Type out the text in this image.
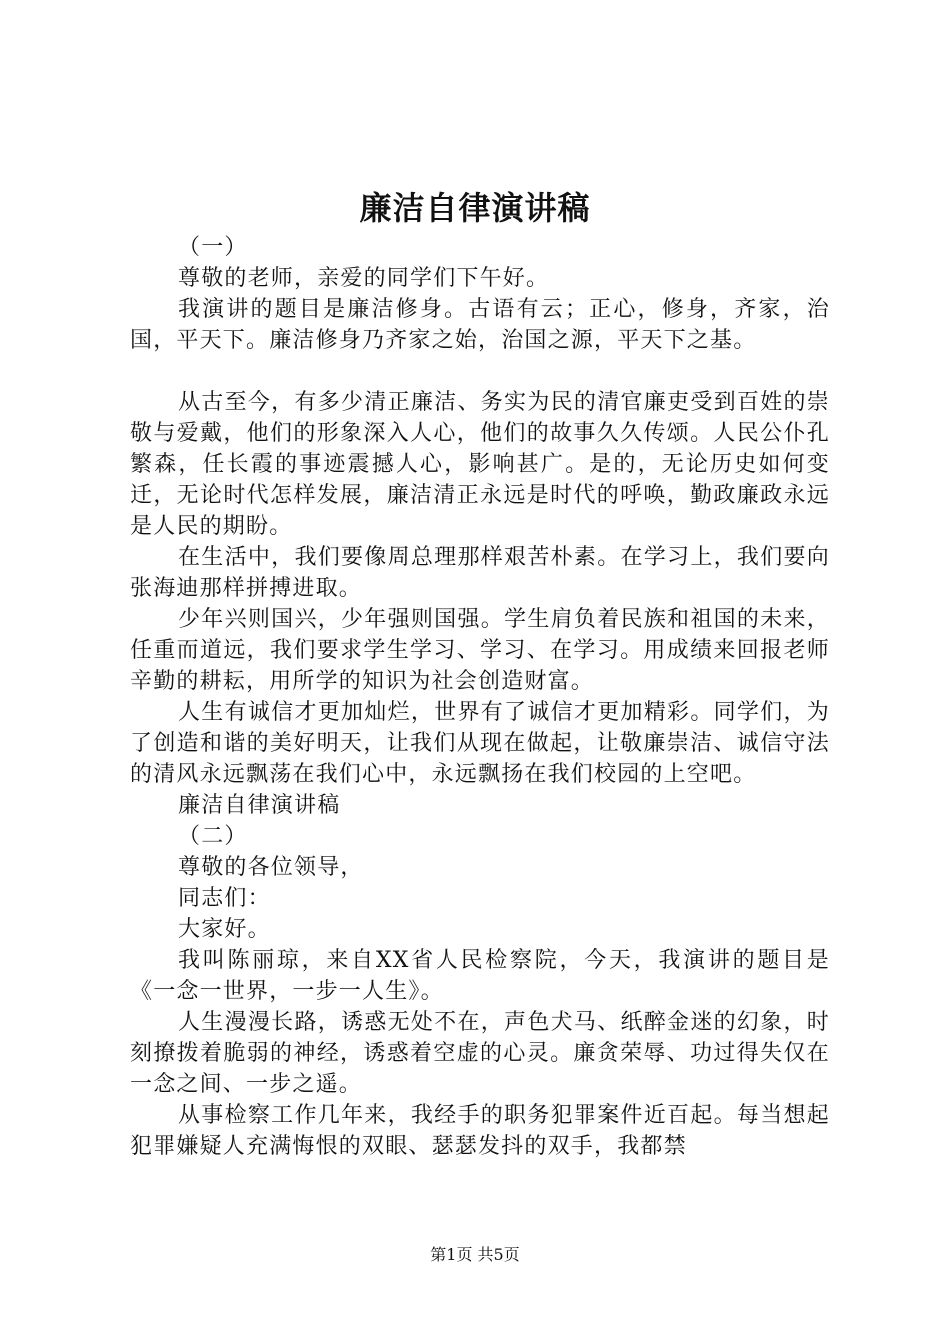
廉洁自律演讲稿

（一）

尊敬的老师，亲爱的同学们下午好。

我演讲的题目是廉洁修身。古语有云；正心，修身，齐家，治国，平天下。廉洁修身乃齐家之始，治国之源，平天下之基。

从古至今，有多少清正廉洁、务实为民的清官廉吏受到百姓的崇敬与爱戴，他们的形象深入人心，他们的故事久久传颂。人民公仆孔繁森，任长霞的事迹震撼人心，影响甚广。是的，无论历史如何变迁，无论时代怎样发展，廉洁清正永远是时代的呼唤，勤政廉政永远是人民的期盼。

在生活中，我们要像周总理那样艰苦朴素。在学习上，我们要向张海迪那样拼搏进取。

少年兴则国兴，少年强则国强。学生肩负着民族和祖国的未来，任重而道远，我们要求学生学习、学习、在学习。用成绩来回报老师辛勤的耕耘，用所学的知识为社会创造财富。

人生有诚信才更加灿烂，世界有了诚信才更加精彩。同学们，为了创造和谐的美好明天，让我们从现在做起，让敬廉崇洁、诚信守法的清风永远飘荡在我们心中，永远飘扬在我们校园的上空吧。

廉洁自律演讲稿

（二）

尊敬的各位领导，

同志们：

大家好。

我叫陈丽琼，来自XX省人民检察院，今天，我演讲的题目是《一念一世界，一步一人生》。

人生漫漫长路，诱惑无处不在，声色犬马、纸醉金迷的幻象，时刻撩拨着脆弱的神经，诱惑着空虚的心灵。廉贪荣辱、功过得失仅在一念之间、一步之遥。

从事检察工作几年来，我经手的职务犯罪案件近百起。每当想起犯罪嫌疑人充满悔恨的双眼、瑟瑟发抖的双手，我都禁

第1页 共5页
